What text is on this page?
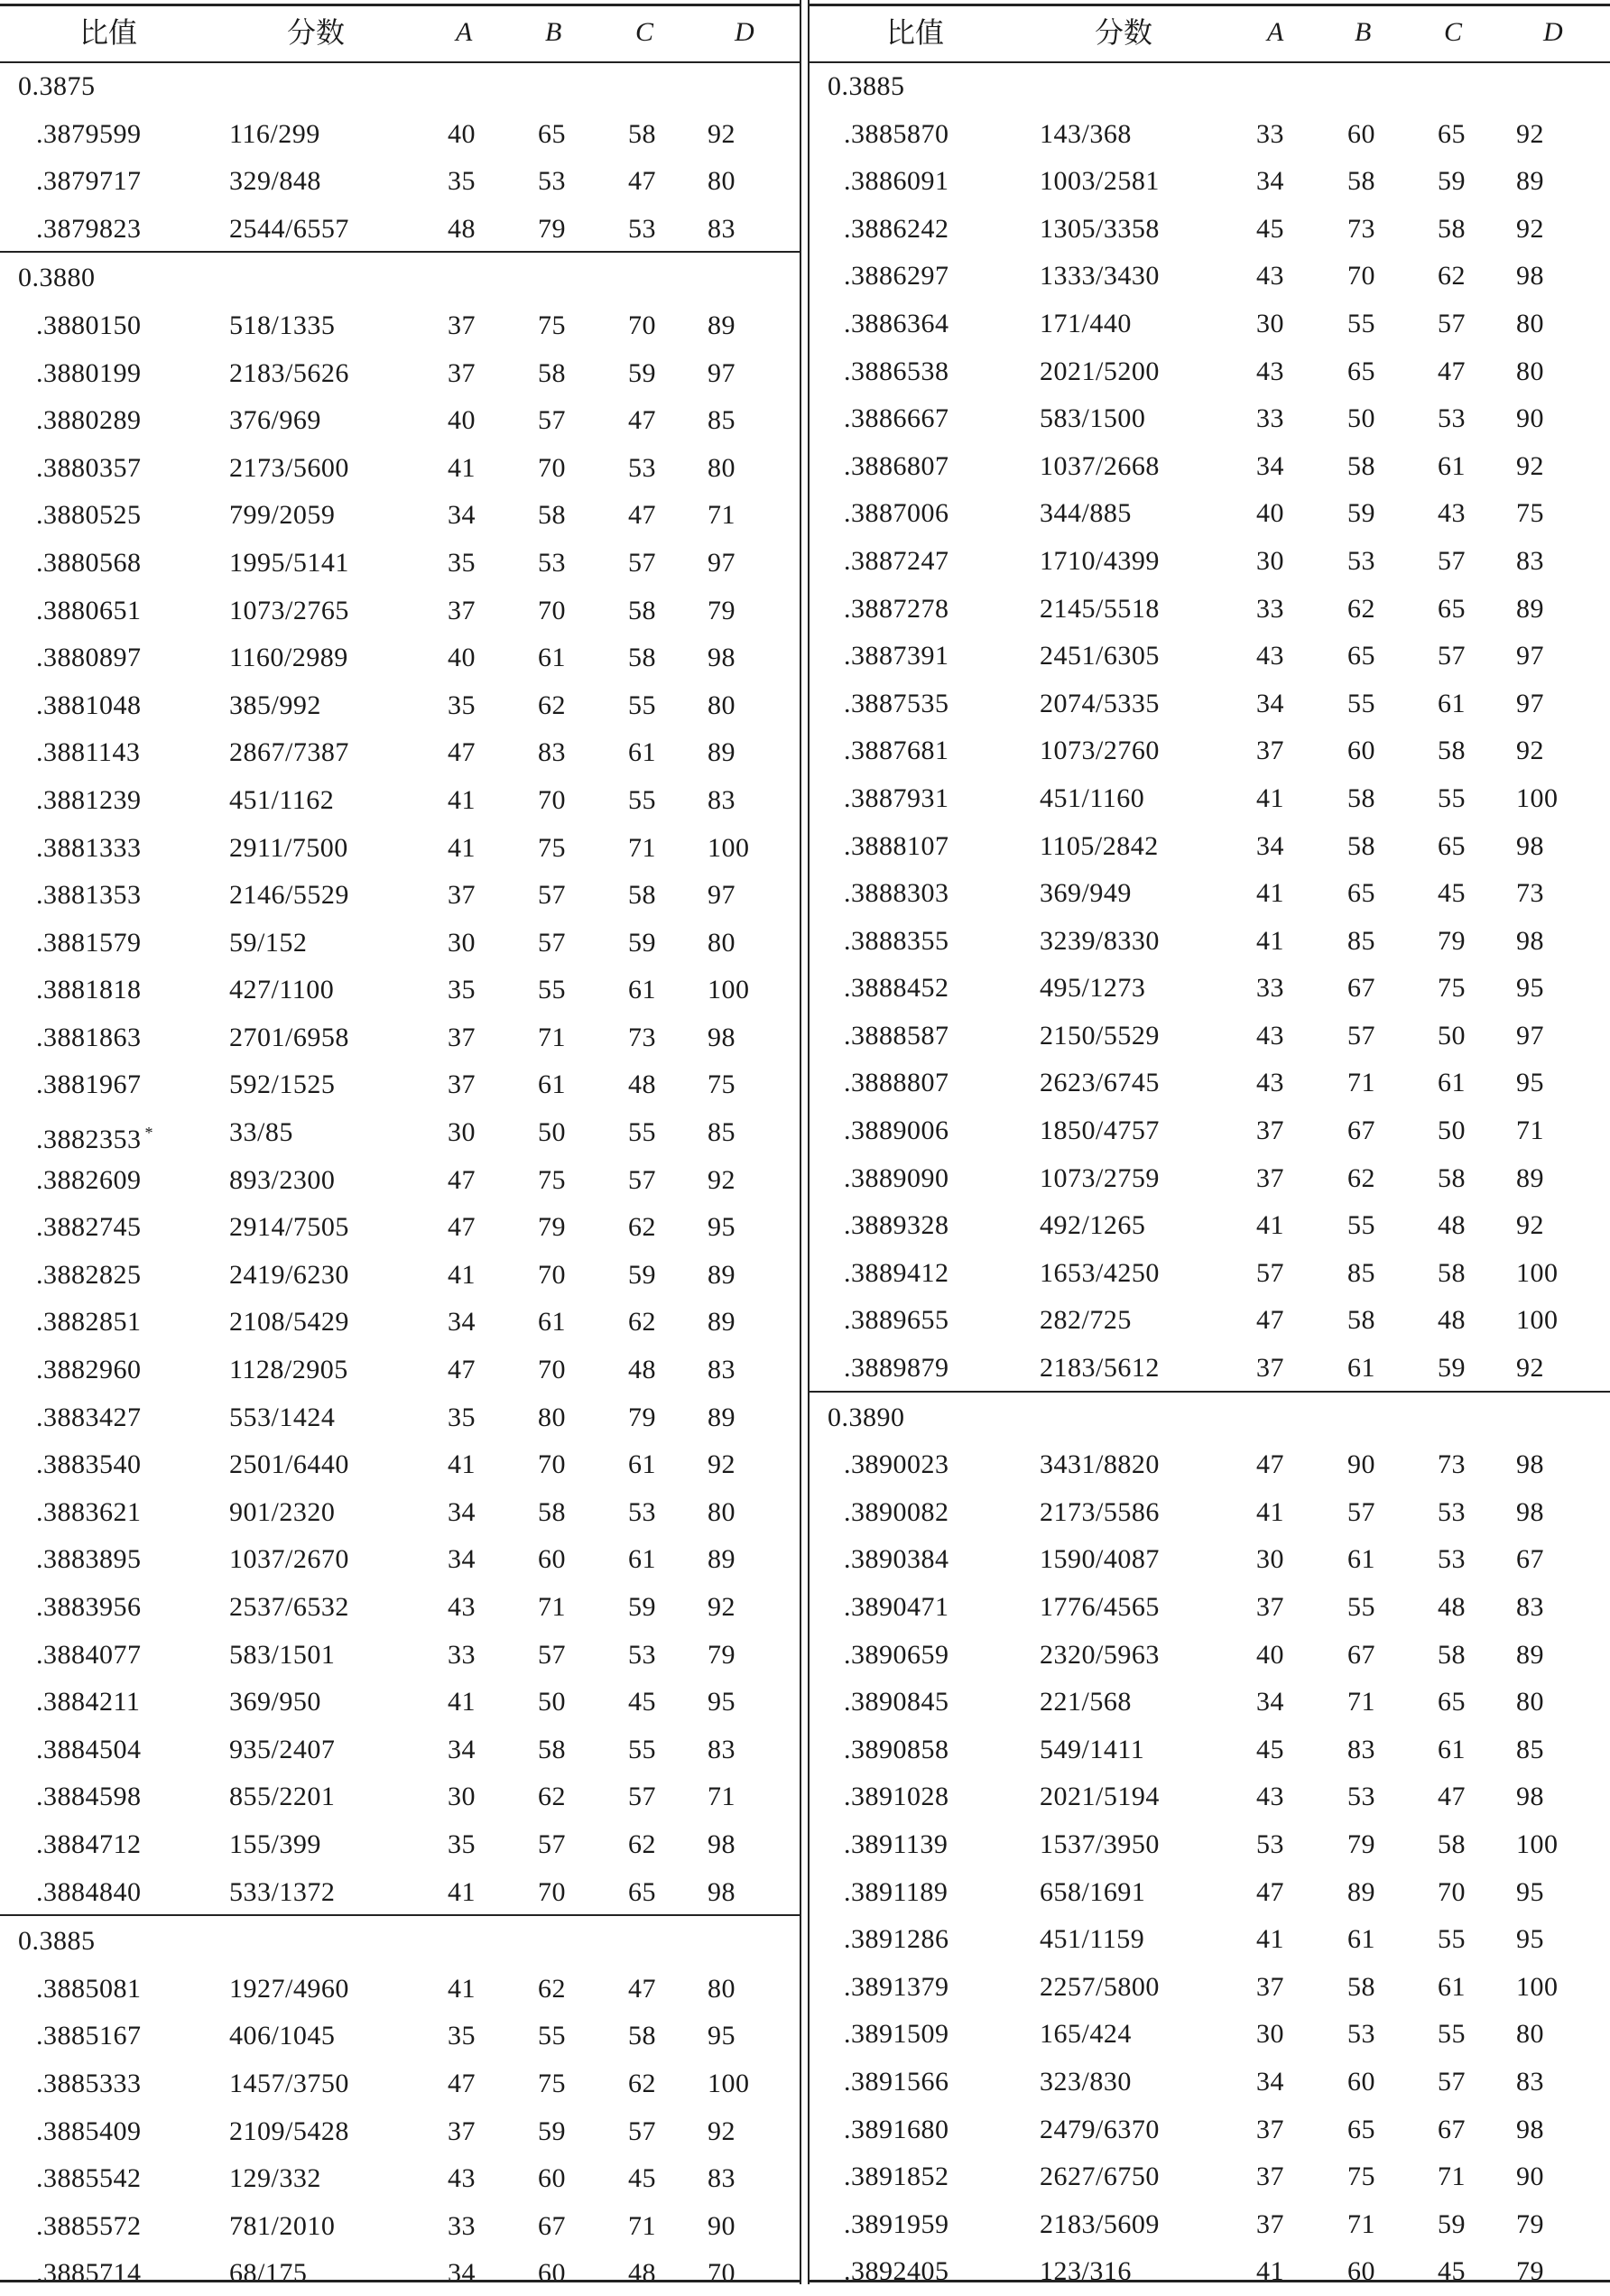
比值	分数	A	B	C	D
0.3875
.3879599	116/299	40 65 58 92
.3879717	329/848	35 53 47 80
.3879823	2544/6557	48 79 53 83
0.3880
.3880150	518/1335	37 75 70 89
.3880199	2183/5626	37 58 59 97
.3880289	376/969	40 57 47 85
.3880357	2173/5600	41 70 53 80
.3880525	799/2059	34 58 47 71
.3880568	1995/5141	35 53 57 97
.3880651	1073/2765	37 70 58 79
.3880897	1160/2989	40 61 58 98
.3881048	385/992	35 62 55 80
.3881143	2867/7387	47 83 61 89
.3881239	451/1162	41 70 55 83
.3881333	2911/7500	41 75 71 100
.3881353	2146/5529	37 57 58 97
.3881579	59/152	30 57 59 80
.3881818	427/1100	35 55 61 100
.3881863	2701/6958	37 71 73 98
.3881967	592/1525	37 61 48 75
.3882353 *	33/85	30 50 55 85
.3882609	893/2300	47 75 57 92
.3882745	2914/7505	47 79 62 95
.3882825	2419/6230	41 70 59 89
.3882851	2108/5429	34 61 62 89
.3882960	1128/2905	47 70 48 83
.3883427	553/1424	35 80 79 89
.3883540	2501/6440	41 70 61 92
.3883621	901/2320	34 58 53 80
.3883895	1037/2670	34 60 61 89
.3883956	2537/6532	43 71 59 92
.3884077	583/1501	33 57 53 79
.3884211	369/950	41 50 45 95
.3884504	935/2407	34 58 55 83
.3884598	855/2201	30 62 57 71
.3884712	155/399	35 57 62 98
.3884840	533/1372	41 70 65 98
0.3885
.3885081	1927/4960	41 62 47 80
.3885167	406/1045	35 55 58 95
.3885333	1457/3750	47 75 62 100
.3885409	2109/5428	37 59 57 92
.3885542	129/332	43 60 45 83
.3885572	781/2010	33 67 71 90
.3885714	68/175	34 60 48 70
比值	分数	A	B	C	D
0.3885
.3885870	143/368	33 60 65 92
.3886091	1003/2581	34 58 59 89
.3886242	1305/3358	45 73 58 92
.3886297	1333/3430	43 70 62 98
.3886364	171/440	30 55 57 80
.3886538	2021/5200	43 65 47 80
.3886667	583/1500	33 50 53 90
.3886807	1037/2668	34 58 61 92
.3887006	344/885	40 59 43 75
.3887247	1710/4399	30 53 57 83
.3887278	2145/5518	33 62 65 89
.3887391	2451/6305	43 65 57 97
.3887535	2074/5335	34 55 61 97
.3887681	1073/2760	37 60 58 92
.3887931	451/1160	41 58 55 100
.3888107	1105/2842	34 58 65 98
.3888303	369/949	41 65 45 73
.3888355	3239/8330	41 85 79 98
.3888452	495/1273	33 67 75 95
.3888587	2150/5529	43 57 50 97
.3888807	2623/6745	43 71 61 95
.3889006	1850/4757	37 67 50 71
.3889090	1073/2759	37 62 58 89
.3889328	492/1265	41 55 48 92
.3889412	1653/4250	57 85 58 100
.3889655	282/725	47 58 48 100
.3889879	2183/5612	37 61 59 92
0.3890
.3890023	3431/8820	47 90 73 98
.3890082	2173/5586	41 57 53 98
.3890384	1590/4087	30 61 53 67
.3890471	1776/4565	37 55 48 83
.3890659	2320/5963	40 67 58 89
.3890845	221/568	34 71 65 80
.3890858	549/1411	45 83 61 85
.3891028	2021/5194	43 53 47 98
.3891139	1537/3950	53 79 58 100
.3891189	658/1691	47 89 70 95
.3891286	451/1159	41 61 55 95
.3891379	2257/5800	37 58 61 100
.3891509	165/424	30 53 55 80
.3891566	323/830	34 60 57 83
.3891680	2479/6370	37 65 67 98
.3891852	2627/6750	37 75 71 90
.3891959	2183/5609	37 71 59 79
.3892405	123/316	41 60 45 79
